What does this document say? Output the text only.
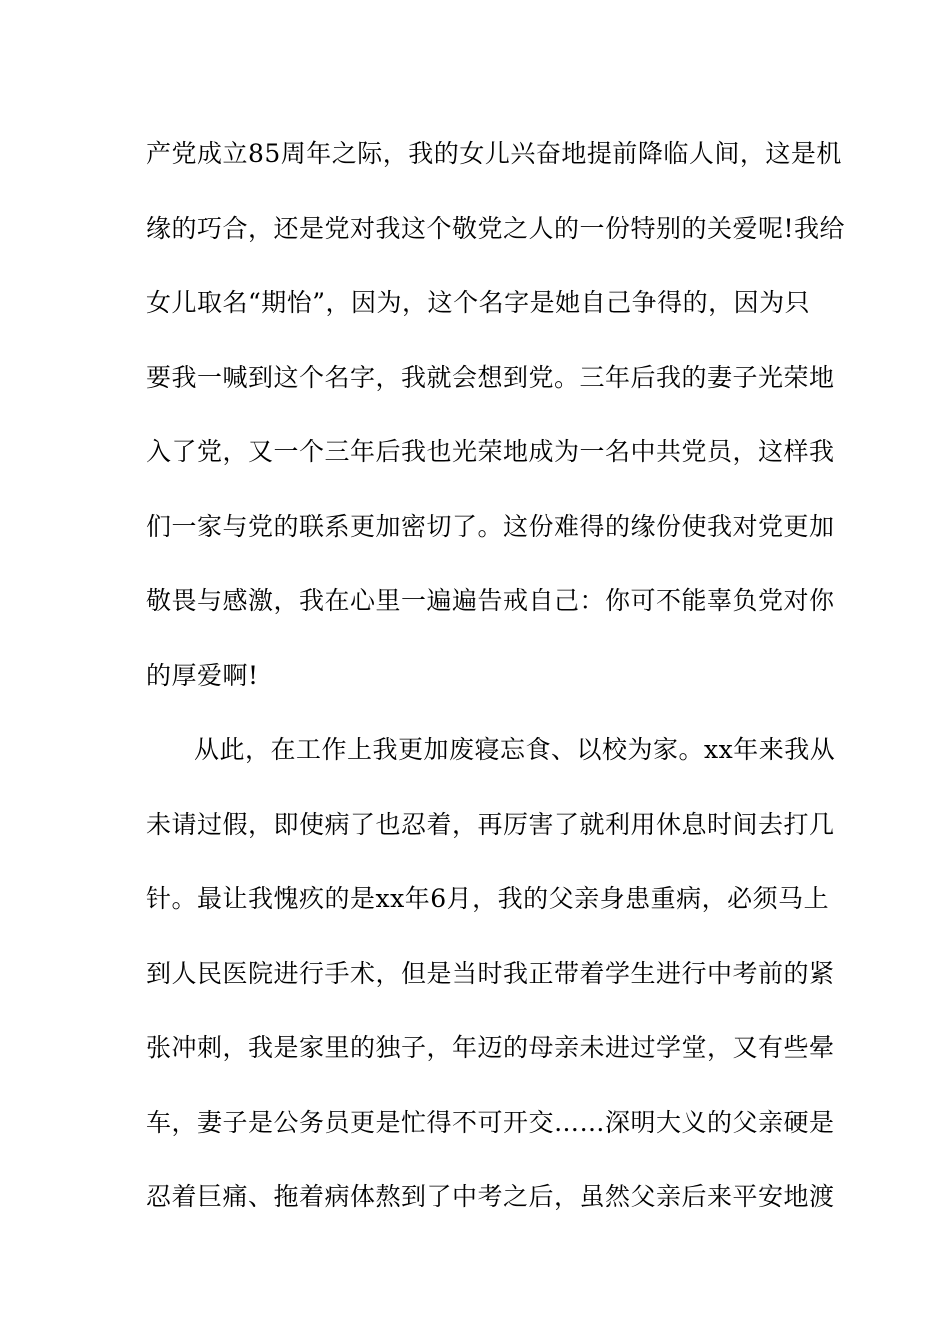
产党成立85周年之际，我的女儿兴奋地提前降临人间，这是机
缘的巧合，还是党对我这个敬党之人的一份特别的关爱呢!我给
女儿取名“期怡”，因为，这个名字是她自己争得的，因为只
要我一喊到这个名字，我就会想到党。三年后我的妻子光荣地
入了党，又一个三年后我也光荣地成为一名中共党员，这样我
们一家与党的联系更加密切了。这份难得的缘份使我对党更加
敬畏与感激，我在心里一遍遍告戒自己：你可不能辜负党对你
的厚爱啊!
从此，在工作上我更加废寝忘食、以校为家。xx年来我从
未请过假，即使病了也忍着，再厉害了就利用休息时间去打几
针。最让我愧疚的是xx年6月，我的父亲身患重病，必须马上
到人民医院进行手术，但是当时我正带着学生进行中考前的紧
张冲刺，我是家里的独子，年迈的母亲未进过学堂，又有些晕
车，妻子是公务员更是忙得不可开交……深明大义的父亲硬是
忍着巨痛、拖着病体熬到了中考之后，虽然父亲后来平安地渡
